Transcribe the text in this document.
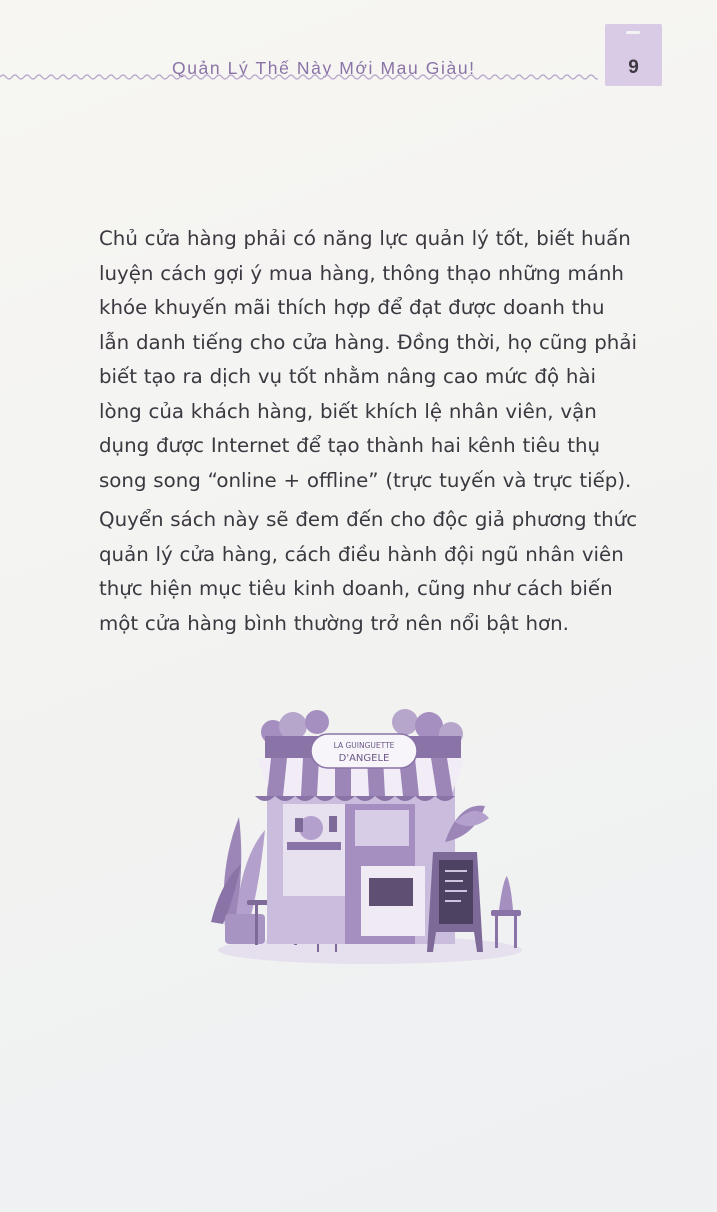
Quản Lý Thế Này Mới Mau Giàu!	9

Chủ cửa hàng phải có năng lực quản lý tốt, biết huấn luyện cách gợi ý mua hàng, thông thạo những mánh khóe khuyến mãi thích hợp để đạt được doanh thu lẫn danh tiếng cho cửa hàng. Đồng thời, họ cũng phải biết tạo ra dịch vụ tốt nhằm nâng cao mức độ hài lòng của khách hàng, biết khích lệ nhân viên, vận dụng được Internet để tạo thành hai kênh tiêu thụ song song “online + offline” (trực tuyến và trực tiếp).

Quyển sách này sẽ đem đến cho độc giả phương thức quản lý cửa hàng, cách điều hành đội ngũ nhân viên thực hiện mục tiêu kinh doanh, cũng như cách biến một cửa hàng bình thường trở nên nổi bật hơn.

LA GUINGUETTE
D'ANGELE
